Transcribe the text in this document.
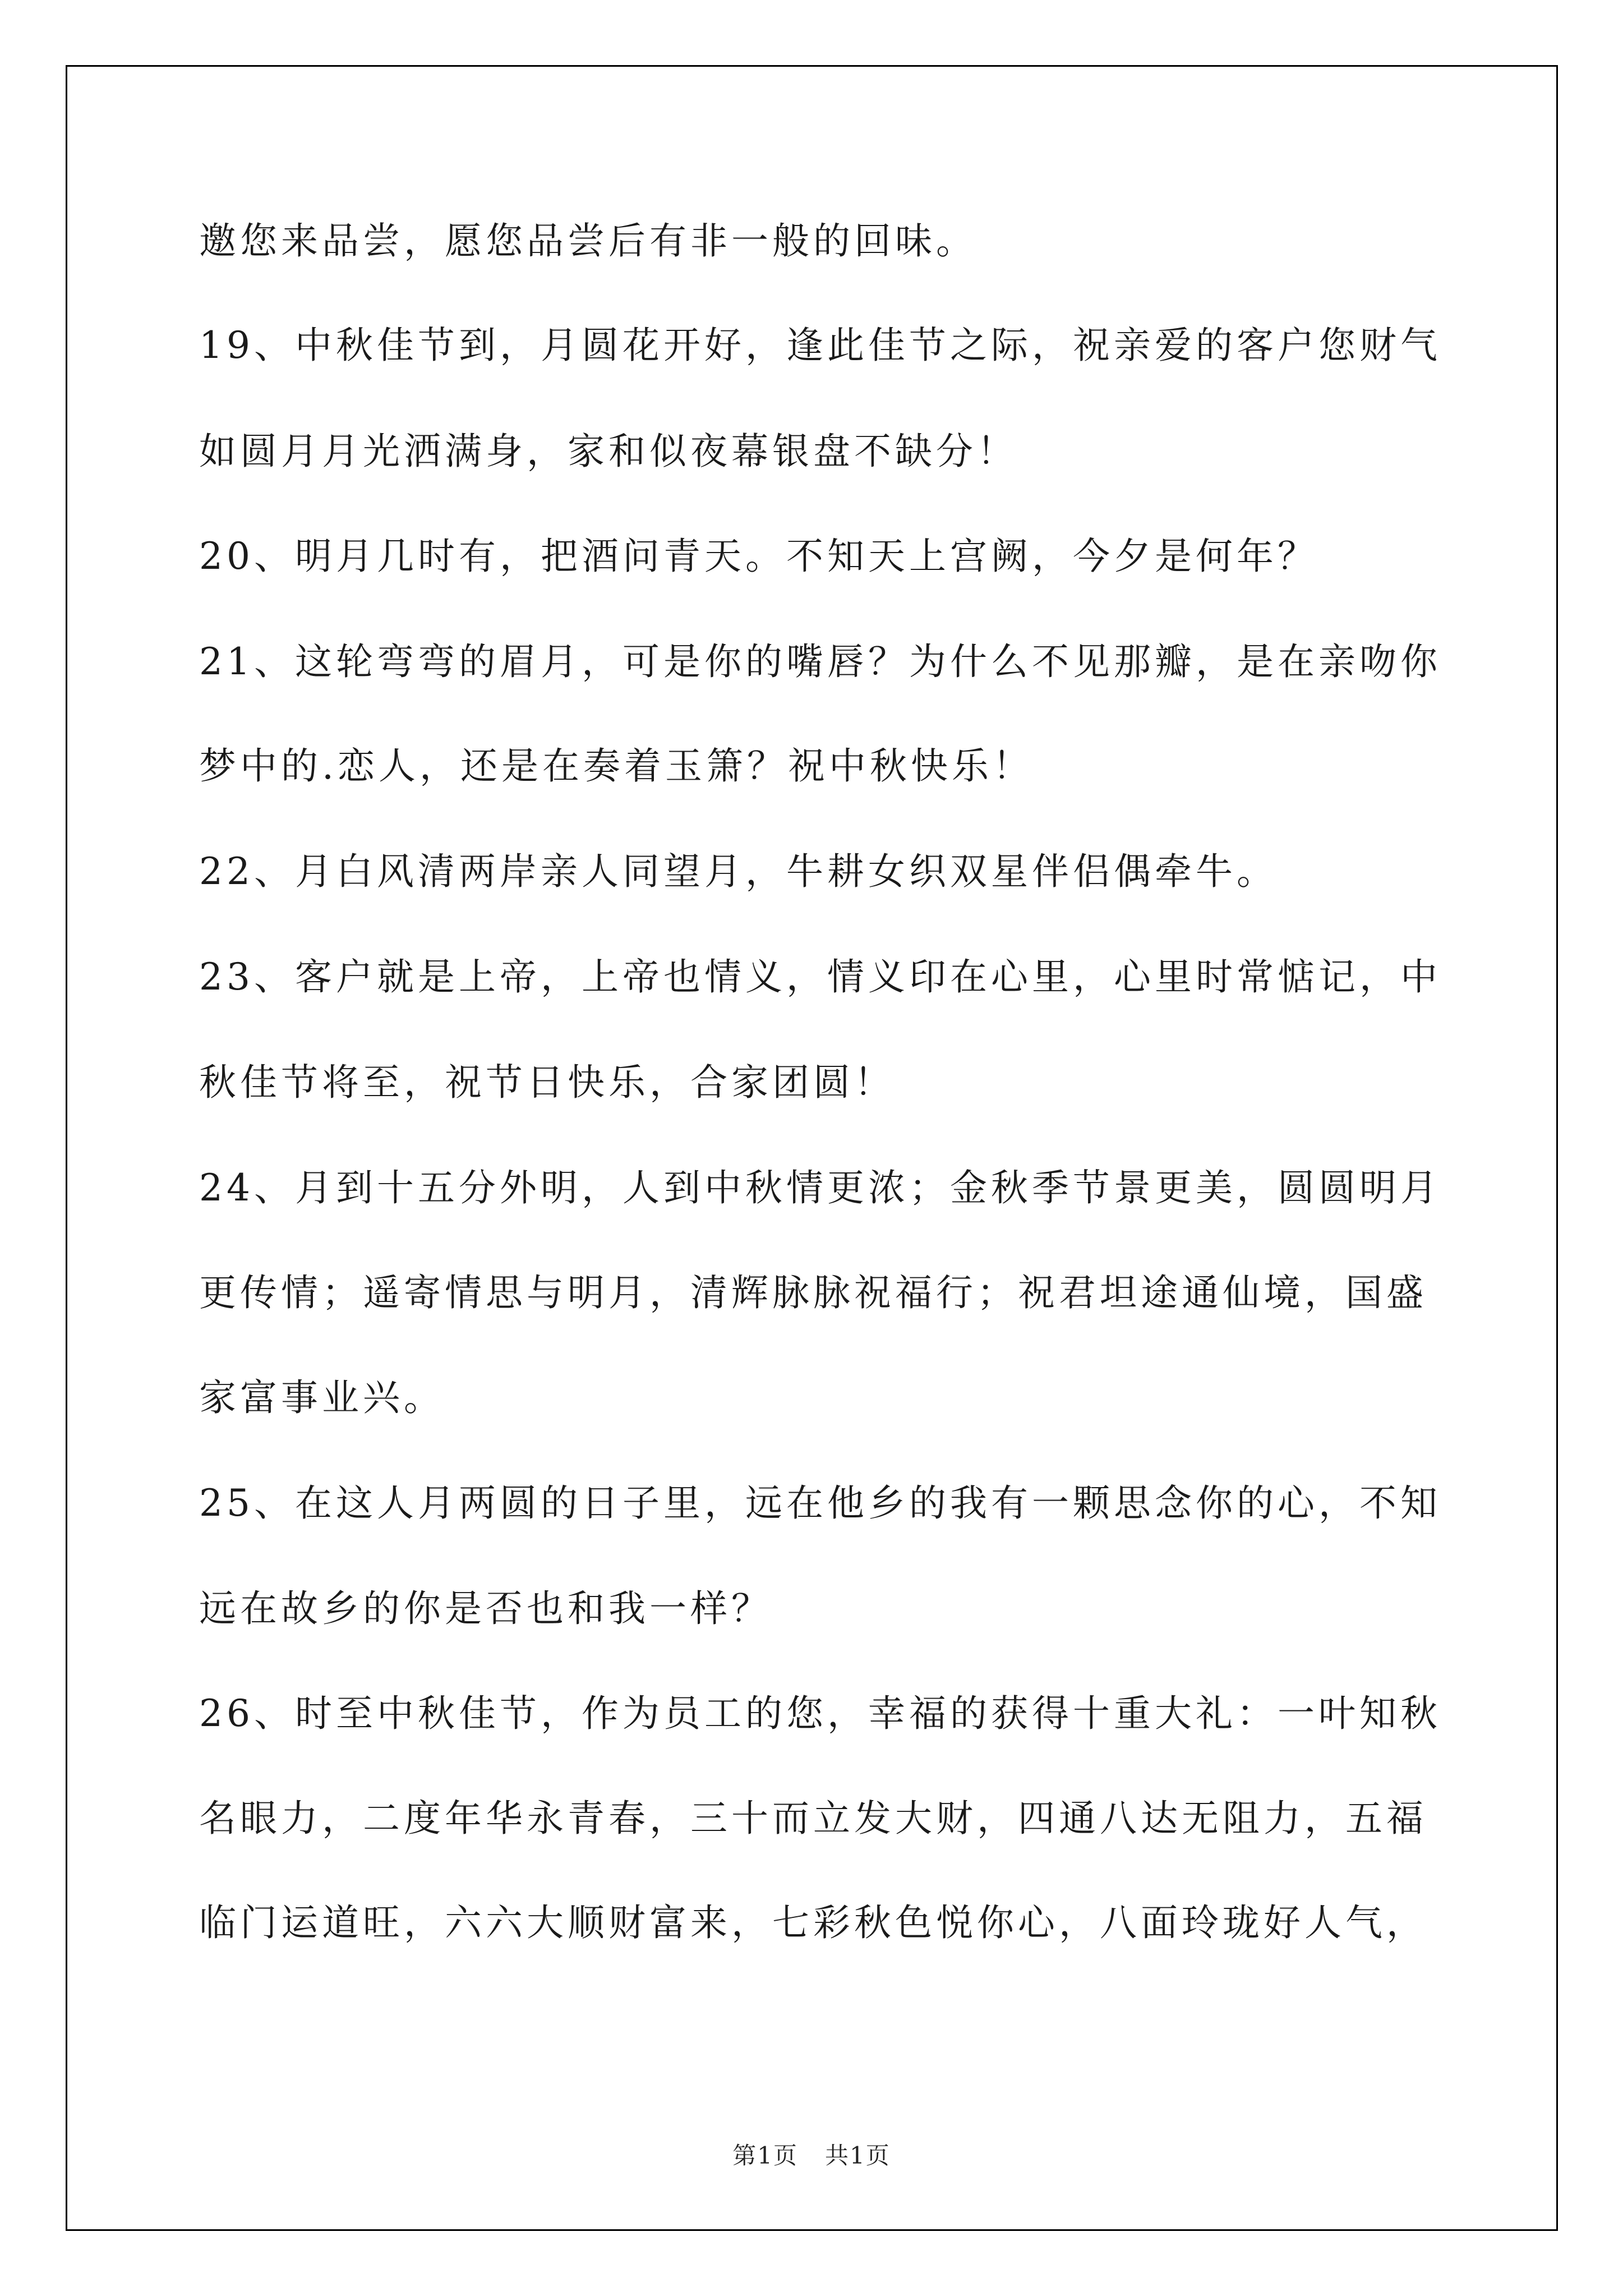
邀您来品尝，愿您品尝后有非一般的回味。
19、中秋佳节到，月圆花开好，逢此佳节之际，祝亲爱的客户您财气
如圆月月光洒满身，家和似夜幕银盘不缺分！
20、明月几时有，把酒问青天。不知天上宫阙，今夕是何年？
21、这轮弯弯的眉月，可是你的嘴唇？为什么不见那瓣，是在亲吻你
梦中的.恋人，还是在奏着玉箫？祝中秋快乐！
22、月白风清两岸亲人同望月，牛耕女织双星伴侣偶牵牛。
23、客户就是上帝，上帝也情义，情义印在心里，心里时常惦记，中
秋佳节将至，祝节日快乐，合家团圆！
24、月到十五分外明，人到中秋情更浓；金秋季节景更美，圆圆明月
更传情；遥寄情思与明月，清辉脉脉祝福行；祝君坦途通仙境，国盛
家富事业兴。
25、在这人月两圆的日子里，远在他乡的我有一颗思念你的心，不知
远在故乡的你是否也和我一样？
26、时至中秋佳节，作为员工的您，幸福的获得十重大礼：一叶知秋
名眼力，二度年华永青春，三十而立发大财，四通八达无阻力，五福
临门运道旺，六六大顺财富来，七彩秋色悦你心，八面玲珑好人气，
第1页 共1页
